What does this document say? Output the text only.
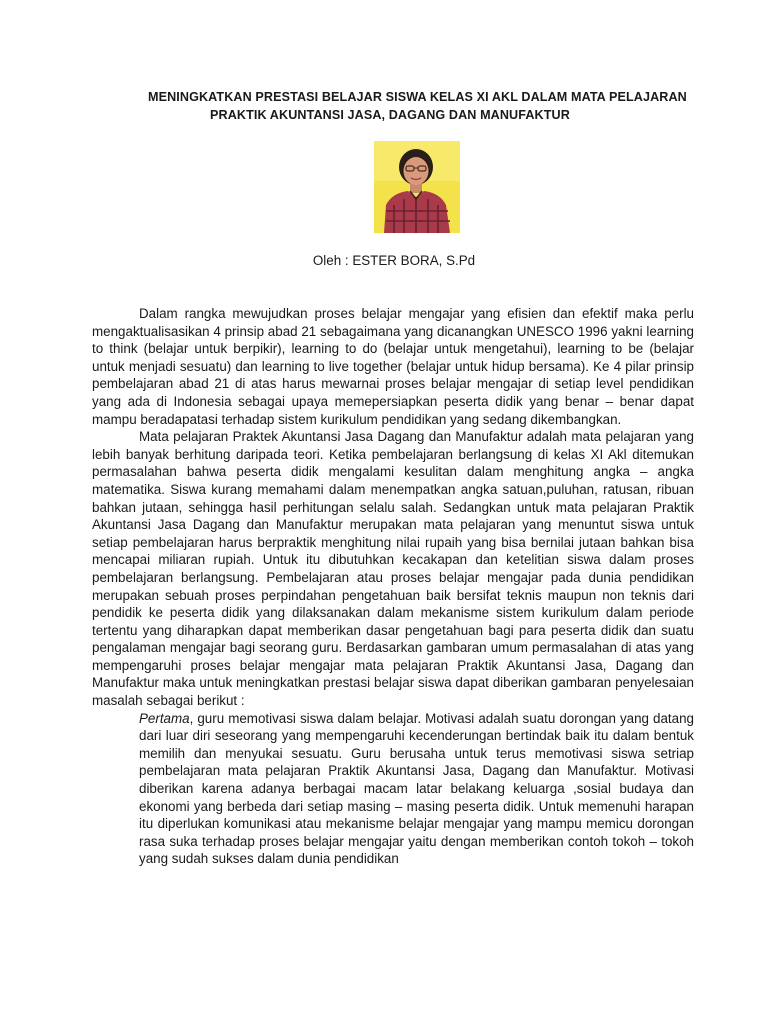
MENINGKATKAN PRESTASI BELAJAR SISWA KELAS XI AKL DALAM MATA PELAJARAN
PRAKTIK AKUNTANSI JASA, DAGANG DAN MANUFAKTUR
Oleh : ESTER BORA, S.Pd

Dalam rangka mewujudkan proses belajar mengajar yang efisien dan efektif maka perlu mengaktualisasikan 4 prinsip abad 21 sebagaimana yang dicanangkan UNESCO 1996 yakni learning to think (belajar untuk berpikir), learning to do (belajar untuk mengetahui), learning to be (belajar untuk menjadi sesuatu) dan learning to live together (belajar untuk hidup bersama). Ke 4 pilar prinsip pembelajaran abad 21 di atas harus mewarnai proses belajar mengajar di setiap level pendidikan yang ada di Indonesia sebagai upaya memepersiapkan peserta didik yang benar – benar dapat mampu beradapatasi terhadap sistem kurikulum pendidikan yang sedang dikembangkan.

Mata pelajaran Praktek Akuntansi Jasa Dagang dan Manufaktur adalah mata pelajaran yang lebih banyak berhitung daripada teori. Ketika pembelajaran berlangsung di kelas XI Akl ditemukan permasalahan bahwa peserta didik mengalami kesulitan dalam menghitung angka – angka matematika. Siswa kurang memahami dalam menempatkan angka satuan,puluhan, ratusan, ribuan bahkan jutaan, sehingga hasil perhitungan selalu salah. Sedangkan untuk mata pelajaran Praktik Akuntansi Jasa Dagang dan Manufaktur merupakan mata pelajaran yang menuntut siswa untuk setiap pembelajaran harus berpraktik menghitung nilai rupaih yang bisa bernilai jutaan bahkan bisa mencapai miliaran rupiah. Untuk itu dibutuhkan kecakapan dan ketelitian siswa dalam proses pembelajaran berlangsung. Pembelajaran atau proses belajar mengajar pada dunia pendidikan merupakan sebuah proses perpindahan pengetahuan baik bersifat teknis maupun non teknis dari pendidik ke peserta didik yang dilaksanakan dalam mekanisme sistem kurikulum dalam periode tertentu yang diharapkan dapat memberikan dasar pengetahuan bagi para peserta didik dan suatu pengalaman mengajar bagi seorang guru. Berdasarkan gambaran umum permasalahan di atas yang mempengaruhi proses belajar mengajar mata pelajaran Praktik Akuntansi Jasa, Dagang dan Manufaktur maka untuk meningkatkan prestasi belajar siswa dapat diberikan gambaran penyelesaian masalah sebagai berikut :

Pertama, guru memotivasi siswa dalam belajar. Motivasi adalah suatu dorongan yang datang dari luar diri seseorang yang mempengaruhi kecenderungan bertindak baik itu dalam bentuk memilih dan menyukai sesuatu. Guru berusaha untuk terus memotivasi siswa setriap pembelajaran mata pelajaran Praktik Akuntansi Jasa, Dagang dan Manufaktur. Motivasi diberikan karena adanya berbagai macam latar belakang keluarga ,sosial budaya dan ekonomi yang berbeda dari setiap masing – masing peserta didik. Untuk memenuhi harapan itu diperlukan komunikasi atau mekanisme belajar mengajar yang mampu memicu dorongan rasa suka terhadap proses belajar mengajar yaitu dengan memberikan contoh tokoh – tokoh yang sudah sukses dalam dunia pendidikan
